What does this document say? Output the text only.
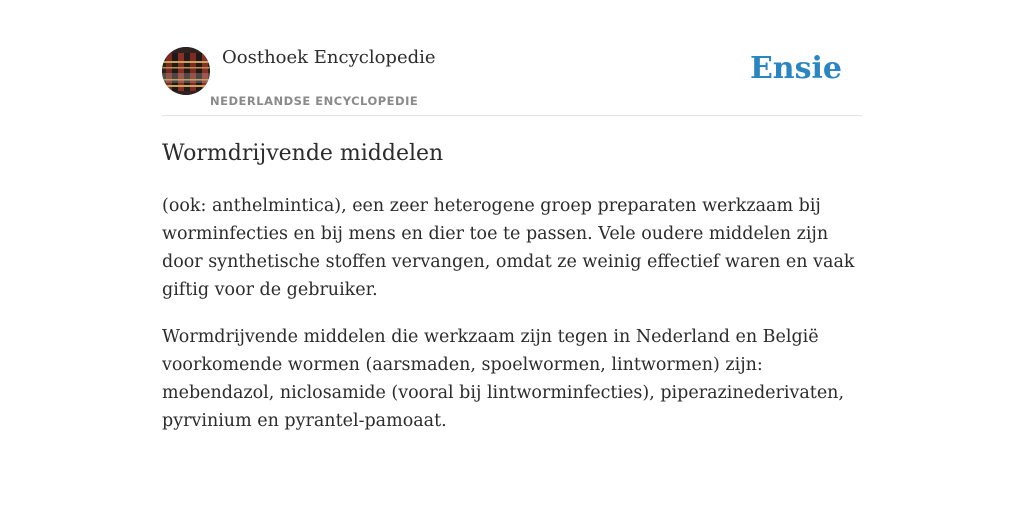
Oosthoek Encyclopedie
NEDERLANDSE ENCYCLOPEDIE
Ensie
Wormdrijvende middelen

(ook: anthelmintica), een zeer heterogene groep preparaten werkzaam bij worminfecties en bij mens en dier toe te passen. Vele oudere middelen zijn door synthetische stoffen vervangen, omdat ze weinig effectief waren en vaak giftig voor de gebruiker.

Wormdrijvende middelen die werkzaam zijn tegen in Nederland en België voorkomende wormen (aarsmaden, spoelwormen, lintwormen) zijn: mebendazol, niclosamide (vooral bij lintworminfecties), piperazinederivaten, pyrvinium en pyrantel-pamoaat.
